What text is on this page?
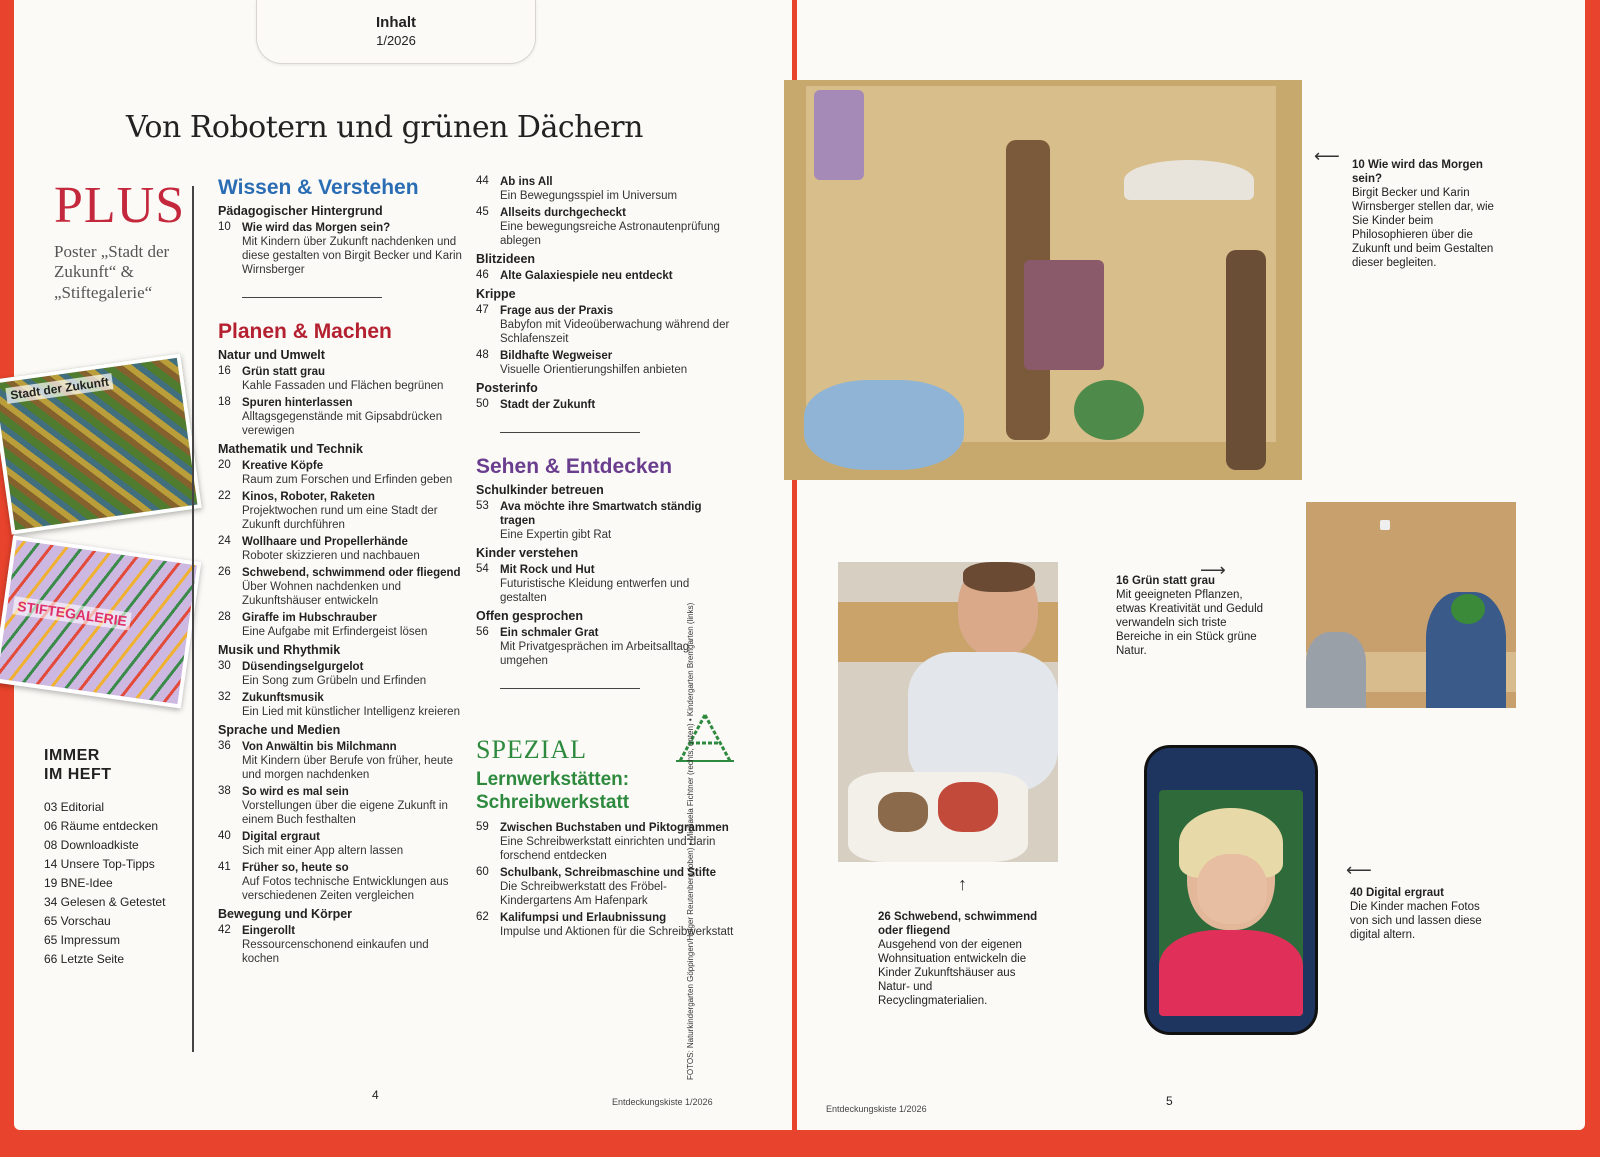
Inhalt
1/2026
Von Robotern und grünen Dächern
PLUS
Poster „Stadt der Zukunft“ & „Stiftegalerie“
Stadt der Zukunft
STIFTEGALERIE
IMMER
IM HEFT
03 Editorial
06 Räume entdecken
08 Downloadkiste
14 Unsere Top-Tipps
19 BNE-Idee
34 Gelesen & Getestet
65 Vorschau
65 Impressum
66 Letzte Seite
Wissen & Verstehen
Pädagogischer Hintergrund
10 Wie wird das Morgen sein?
Mit Kindern über Zukunft nachdenken und diese gestalten von Birgit Becker und Karin Wirnsberger
Planen & Machen
Natur und Umwelt
16 Grün statt grau
Kahle Fassaden und Flächen begrünen
18 Spuren hinterlassen
Alltagsgegenstände mit Gipsabdrücken verewigen
Mathematik und Technik
20 Kreative Köpfe
Raum zum Forschen und Erfinden geben
22 Kinos, Roboter, Raketen
Projektwochen rund um eine Stadt der Zukunft durchführen
24 Wollhaare und Propellerhände
Roboter skizzieren und nachbauen
26 Schwebend, schwimmend oder fliegend
Über Wohnen nachdenken und Zukunftshäuser entwickeln
28 Giraffe im Hubschrauber
Eine Aufgabe mit Erfindergeist lösen
Musik und Rhythmik
30 Düsendingselgurgelot
Ein Song zum Grübeln und Erfinden
32 Zukunftsmusik
Ein Lied mit künstlicher Intelligenz kreieren
Sprache und Medien
36 Von Anwältin bis Milchmann
Mit Kindern über Berufe von früher, heute und morgen nachdenken
38 So wird es mal sein
Vorstellungen über die eigene Zukunft in einem Buch festhalten
40 Digital ergraut
Sich mit einer App altern lassen
41 Früher so, heute so
Auf Fotos technische Entwicklungen aus verschiedenen Zeiten vergleichen
Bewegung und Körper
42 Eingerollt
Ressourcenschonend einkaufen und kochen
44 Ab ins All
Ein Bewegungsspiel im Universum
45 Allseits durchgecheckt
Eine bewegungsreiche Astronautenprüfung ablegen
Blitzideen
46 Alte Galaxiespiele neu entdeckt
Krippe
47 Frage aus der Praxis
Babyfon mit Videoüberwachung während der Schlafenszeit
48 Bildhafte Wegweiser
Visuelle Orientierungshilfen anbieten
Posterinfo
50 Stadt der Zukunft
Sehen & Entdecken
Schulkinder betreuen
53 Ava möchte ihre Smartwatch ständig tragen
Eine Expertin gibt Rat
Kinder verstehen
54 Mit Rock und Hut
Futuristische Kleidung entwerfen und gestalten
Offen gesprochen
56 Ein schmaler Grat
Mit Privatgesprächen im Arbeitsalltag umgehen
SPEZIAL
Lernwerkstätten: Schreibwerkstatt
59 Zwischen Buchstaben und Piktogrammen
Eine Schreibwerkstatt einrichten und darin forschend entdecken
60 Schulbank, Schreibmaschine und Stifte
Die Schreibwerkstatt des Fröbel-Kindergartens Am Hafenpark
62 Kalifumpsi und Erlaubnissung
Impulse und Aktionen für die Schreibwerkstatt
FOTOS: Naturkindergarten Göppingen/Holger Reutenberg (oben) • Michaela Fichtner (rechts, unten) • Kindergarten Bremgarten (links)
4	Entdeckungskiste 1/2026
Entdeckungskiste 1/2026
5
⟵ 10 Wie wird das Morgen sein?
Birgit Becker und Karin Wirnsberger stellen dar, wie Sie Kinder beim Philosophieren über die Zukunft und beim Gestalten dieser begleiten.
⟶
16 Grün statt grau
Mit geeigneten Pflanzen, etwas Kreativität und Geduld verwandeln sich triste Bereiche in ein Stück grüne Natur.
↑
26 Schwebend, schwimmend oder fliegend
Ausgehend von der eigenen Wohnsituation entwickeln die Kinder Zukunftshäuser aus Natur- und Recyclingmaterialien.
⟵
40 Digital ergraut
Die Kinder machen Fotos von sich und lassen diese digital altern.
